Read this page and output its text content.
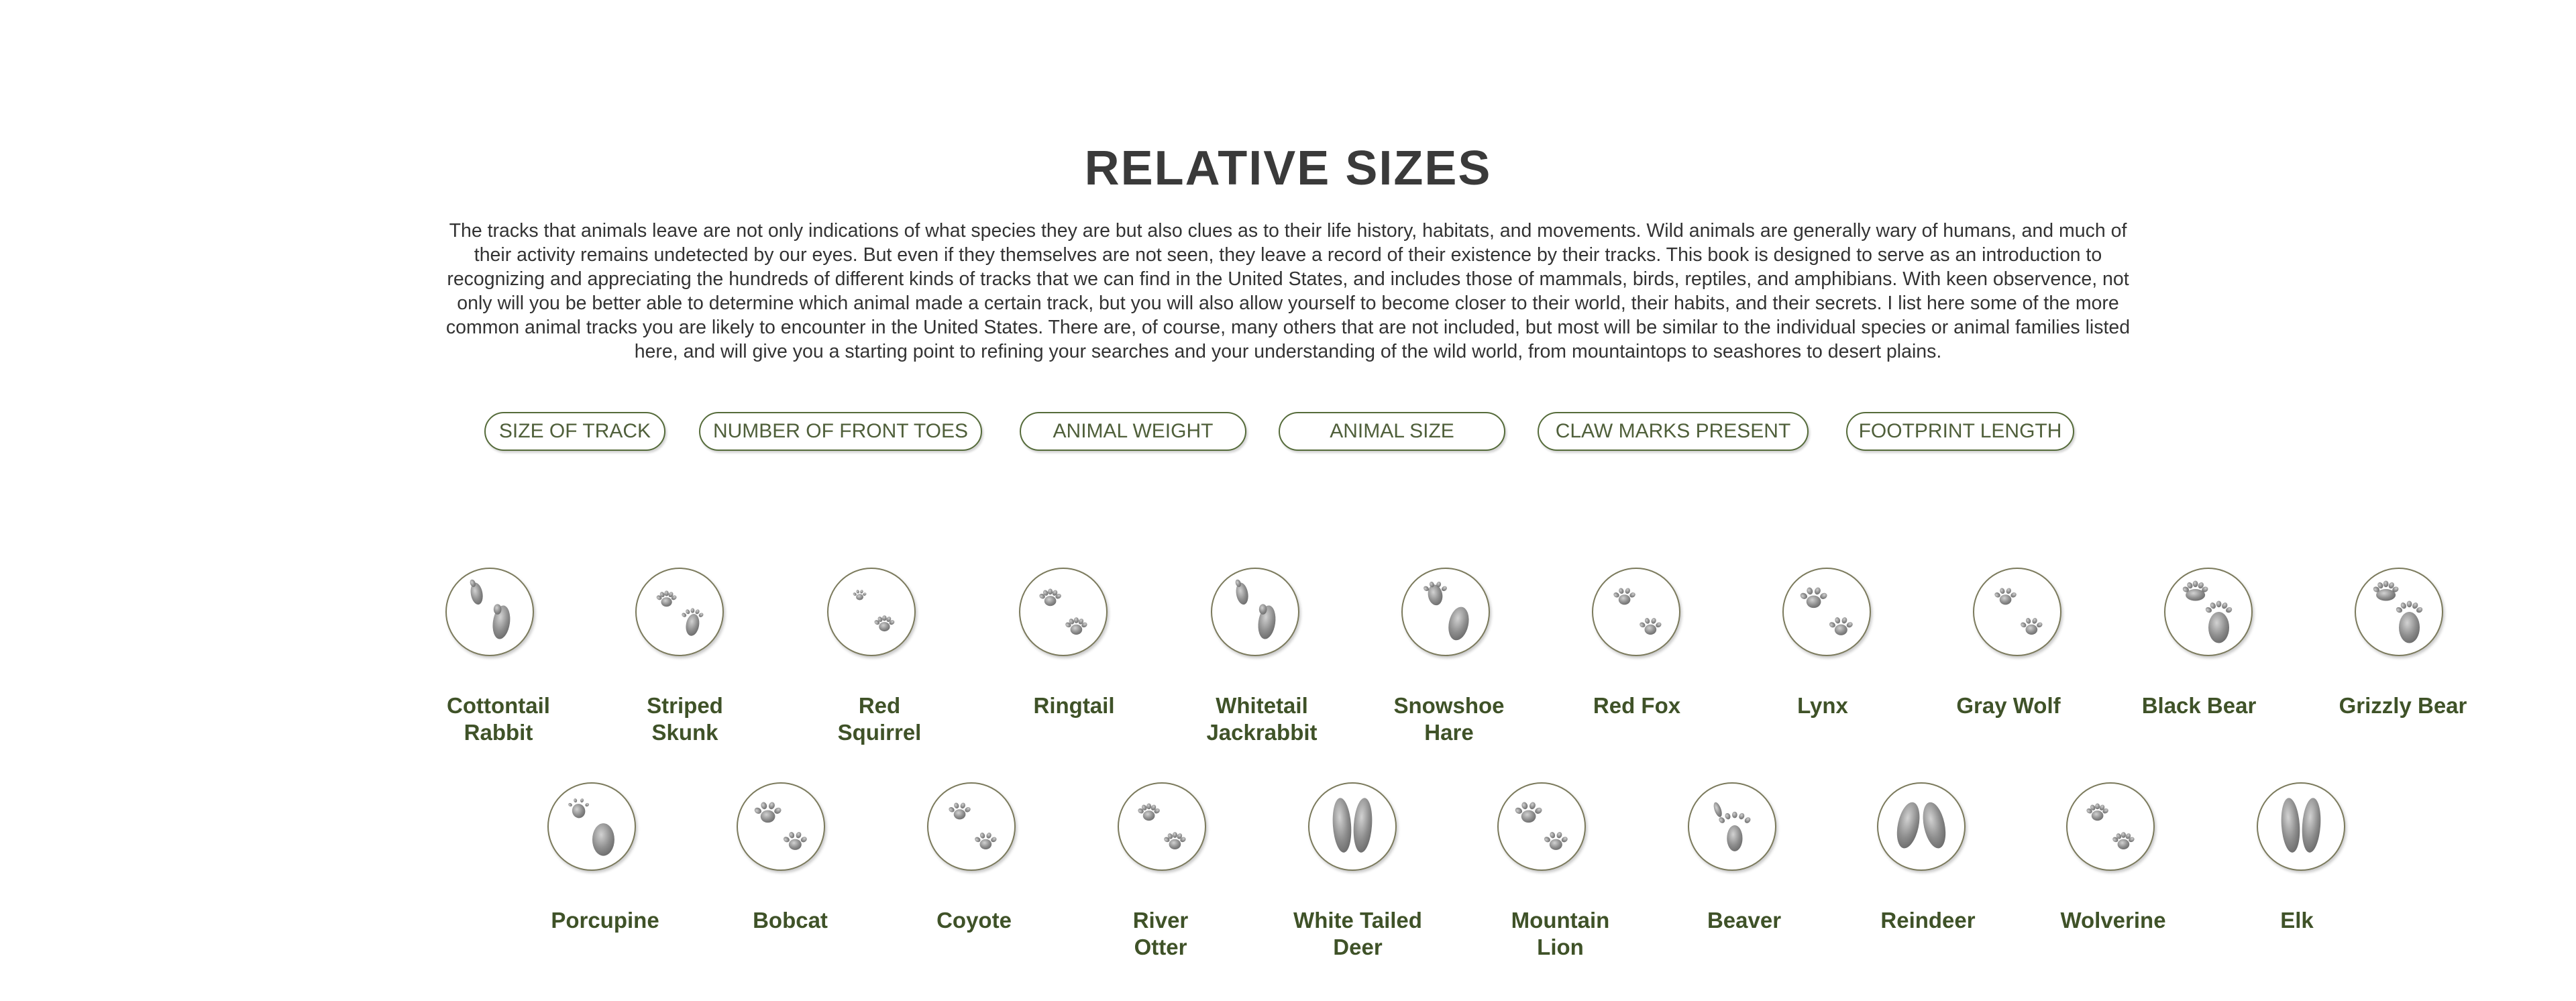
RELATIVE SIZES
The tracks that animals leave are not only indications of what species they are but also clues as to their life history, habitats, and movements. Wild animals are generally wary of humans, and much of their activity remains undetected by our eyes. But even if they themselves are not seen, they leave a record of their existence by their tracks. This book is designed to serve as an introduction to recognizing and appreciating the hundreds of different kinds of tracks that we can find in the United States, and includes those of mammals, birds, reptiles, and amphibians. With keen observence, not only will you be better able to determine which animal made a certain track, but you will also allow yourself to become closer to their world, their habits, and their secrets. I list here some of the more common animal tracks you are likely to encounter in the United States. There are, of course, many others that are not included, but most will be similar to the individual species or animal families listed here, and will give you a starting point to refining your searches and your understanding of the wild world, from mountaintops to seashores to desert plains.
SIZE OF TRACK	NUMBER OF FRONT TOES	ANIMAL WEIGHT	ANIMAL SIZE	CLAW MARKS PRESENT	FOOTPRINT LENGTH
Cottontail
Rabbit
Striped
Skunk
Red
Squirrel
Ringtail	Whitetail
Jackrabbit
Snowshoe
Hare
Red Fox	Lynx	Gray Wolf	Black Bear	Grizzly Bear
Porcupine	Bobcat	Coyote	River
Otter
White Tailed
Deer
Mountain
Lion
Beaver	Reindeer	Wolverine	Elk
